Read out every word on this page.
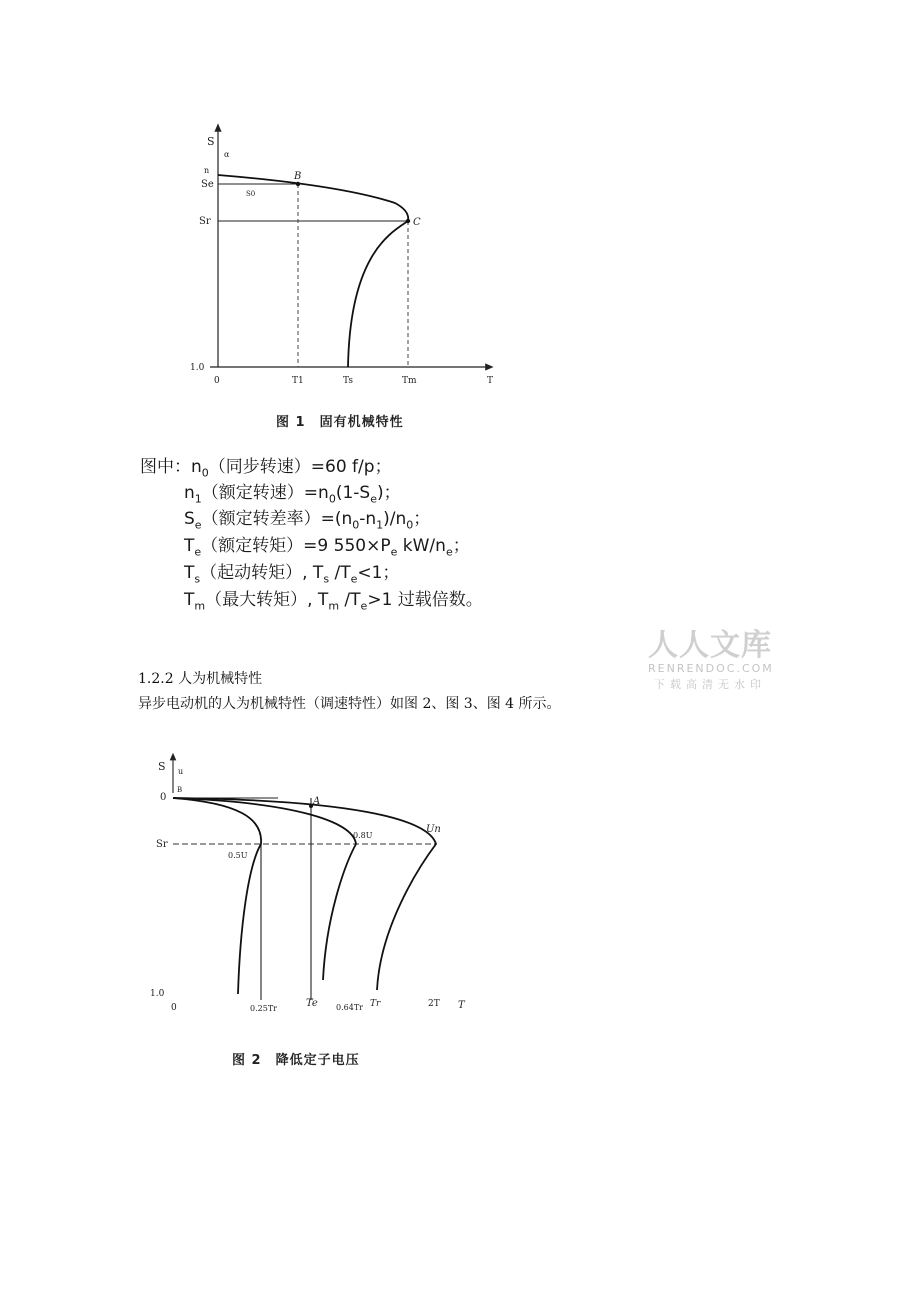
S
α
n
Se
S0
Sr
B
C
1.0
0	T1	Ts	Tm	T
图 1　固有机械特性
图中：$n_0$（同步转速）=60 f/p；
$n_1$（额定转速）$=n_0(1-S_e)$；
$S_e$（额定转差率）$=(n_0-n_1)/n_0$；
$T_e$（额定转矩）=9 $550\times P_e$ $kW/n_e$；
$T_s$（起动转矩）, $T_s$ $/T_e<1$；
$T_m$（最大转矩）, $T_m$ $/T_e>1$ 过载倍数。
人人文库
RENRENDOC.COM
下载高清无水印
1.2.2 人为机械特性
异步电动机的人为机械特性（调速特性）如图 2、图 3、图 4 所示。
S u
0
B
Sr
A
Un
0.8U
0.5U
1.0
0	0.25Tr	Te 0.64Tr Tr	2T T
图 2　降低定子电压
